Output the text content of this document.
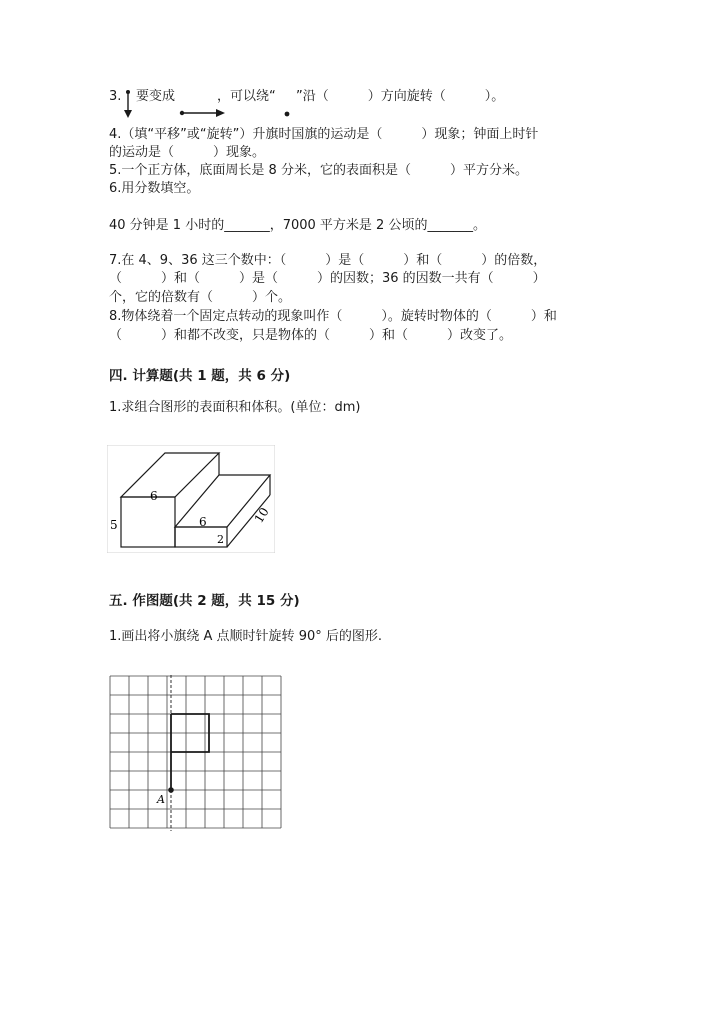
3. 要变成	，可以绕“ ”沿（　　　）方向旋转（　　　）。
4.（填“平移”或“旋转”）升旗时国旗的运动是（　　　）现象；钟面上时针
的运动是（　　　）现象。
5.一个正方体，底面周长是 8 分米，它的表面积是（　　　）平方分米。
6.用分数填空。
40 分钟是 1 小时的_______，7000 平方米是 2 公顷的_______。
7.在 4、9、36 这三个数中：（　　　）是（　　　）和（　　　）的倍数，
（　　　）和（　　　）是（　　　）的因数；36 的因数一共有（　　　）
个，它的倍数有（　　　）个。
8.物体绕着一个固定点转动的现象叫作（　　　）。旋转时物体的（　　　）和
（　　　）和都不改变，只是物体的（　　　）和（　　　）改变了。
四. 计算题(共 1 题，共 6 分)
1.求组合图形的表面积和体积。(单位：dm)
6
5	6
2
10
五. 作图题(共 2 题，共 15 分)
1.画出将小旗绕 A 点顺时针旋转 90° 后的图形.
A
